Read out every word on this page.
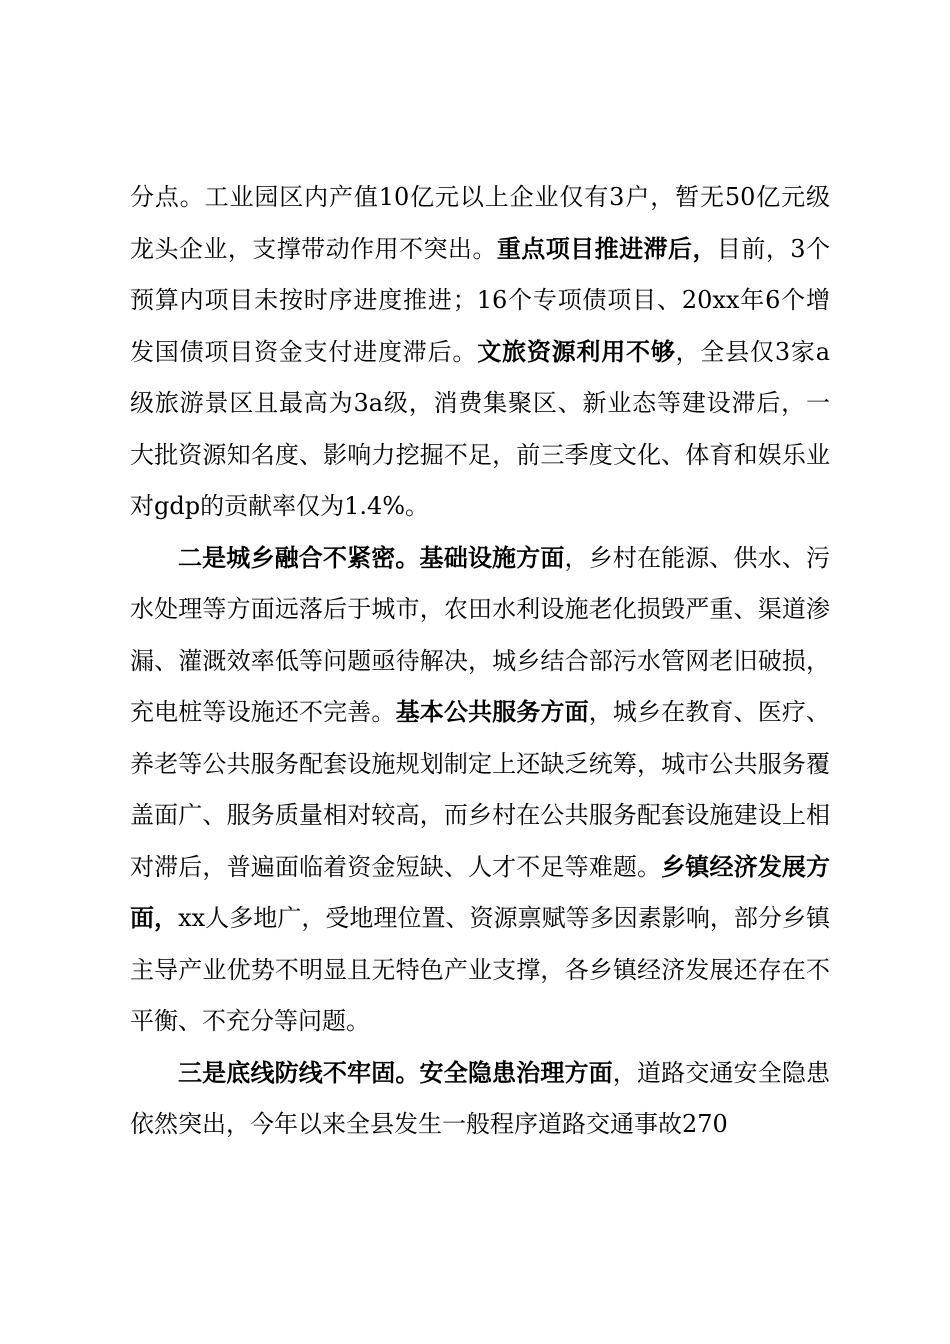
分点。工业园区内产值10亿元以上企业仅有3户，暂无50亿元级龙头企业，支撑带动作用不突出。重点项目推进滞后，目前，3个预算内项目未按时序进度推进；16个专项债项目、20xx年6个增发国债项目资金支付进度滞后。文旅资源利用不够，全县仅3家a级旅游景区且最高为3a级，消费集聚区、新业态等建设滞后，一大批资源知名度、影响力挖掘不足，前三季度文化、体育和娱乐业对gdp的贡献率仅为1.4%。

二是城乡融合不紧密。基础设施方面，乡村在能源、供水、污水处理等方面远落后于城市，农田水利设施老化损毁严重、渠道渗漏、灌溉效率低等问题亟待解决，城乡结合部污水管网老旧破损，充电桩等设施还不完善。基本公共服务方面，城乡在教育、医疗、养老等公共服务配套设施规划制定上还缺乏统筹，城市公共服务覆盖面广、服务质量相对较高，而乡村在公共服务配套设施建设上相对滞后，普遍面临着资金短缺、人才不足等难题。乡镇经济发展方面，xx人多地广，受地理位置、资源禀赋等多因素影响，部分乡镇主导产业优势不明显且无特色产业支撑，各乡镇经济发展还存在不平衡、不充分等问题。

三是底线防线不牢固。安全隐患治理方面，道路交通安全隐患依然突出，今年以来全县发生一般程序道路交通事故270
